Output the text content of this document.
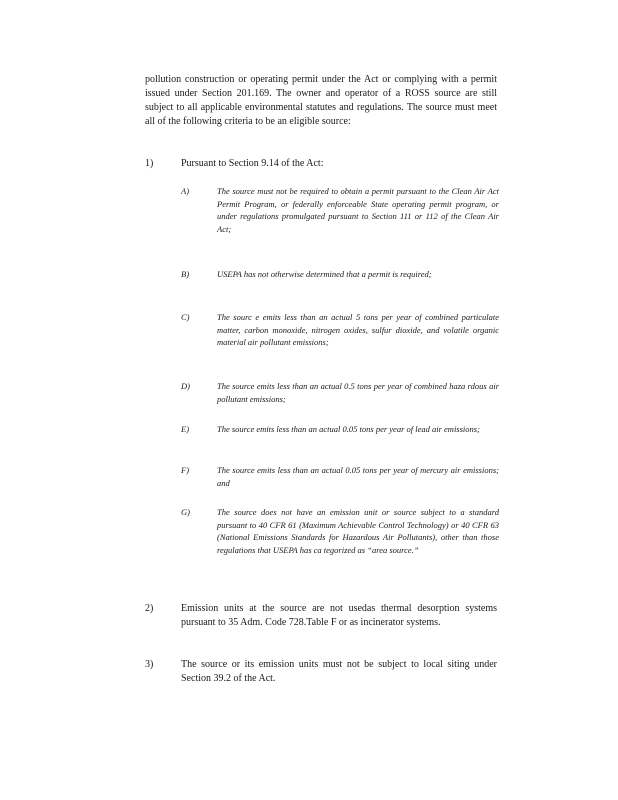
pollution construction or operating permit under the Act or complying with a permit issued under Section 201.169. The owner and operator of a ROSS source are still subject to all applicable environmental statutes and regulations. The source must meet all of the following criteria to be an eligible source:

1)	Pursuant to Section 9.14 of the Act:
A)	The source must not be required to obtain a permit pursuant to the Clean Air Act Permit Program, or federally enforceable State operating permit program, or under regulations promulgated pursuant to Section 111 or 112 of the Clean Air Act;
B)	USEPA has not otherwise determined that a permit is required;
C)	The sourc e emits less than an actual 5 tons per year of combined particulate matter, carbon monoxide, nitrogen oxides, sulfur dioxide, and volatile organic material air pollutant emissions;
D)	The source emits less than an actual 0.5 tons per year of combined haza rdous air pollutant emissions;
E)	The source emits less than an actual 0.05 tons per year of lead air emissions;
F)	The source emits less than an actual 0.05 tons per year of mercury air emissions; and
G)	The source does not have an emission unit or source subject to a standard pursuant to 40 CFR 61 (Maximum Achievable Control Technology) or 40 CFR 63 (National Emissions Standards for Hazardous Air Pollutants), other than those regulations that USEPA has ca tegorized as “area source.”
2)	Emission units at the source are not usedas thermal desorption systems pursuant to 35 Adm. Code 728.Table F or as incinerator systems.
3)	The source or its emission units must not be subject to local siting under Section 39.2 of the Act.
